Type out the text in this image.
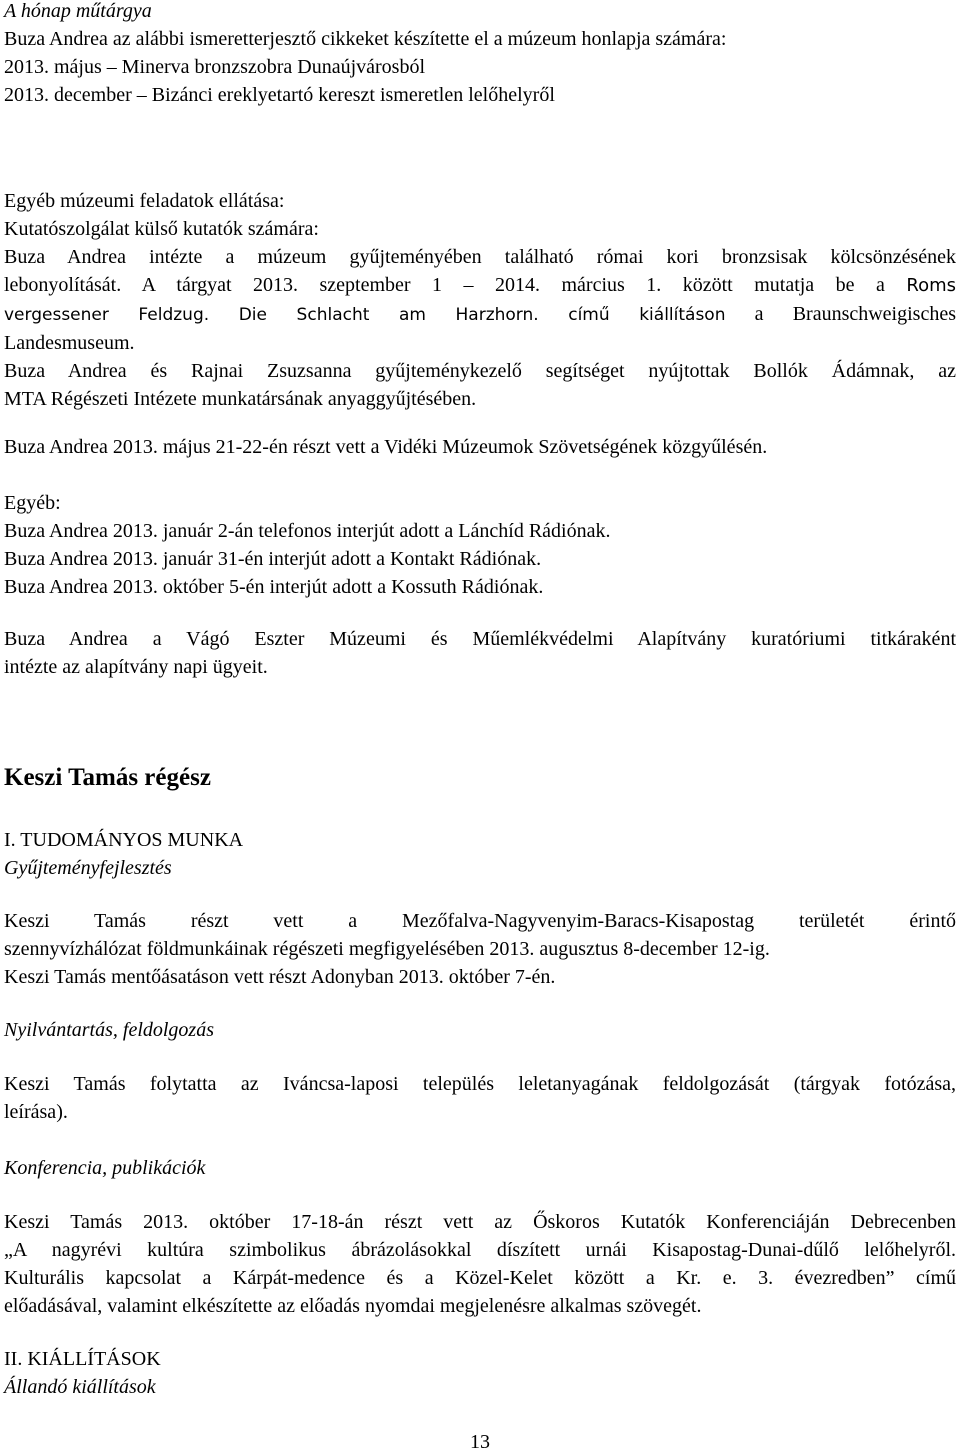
A hónap műtárgya
Buza Andrea az alábbi ismeretterjesztő cikkeket készítette el a múzeum honlapja számára:
2013. május – Minerva bronzszobra Dunaújvárosból
2013. december – Bizánci ereklyetartó kereszt ismeretlen lelőhelyről
Egyéb múzeumi feladatok ellátása:
Kutatószolgálat külső kutatók számára:
Buza Andrea intézte a múzeum gyűjteményében található római kori bronzsisak kölcsönzésének
lebonyolítását. A tárgyat 2013. szeptember 1 – 2014. március 1. között mutatja be a Roms
vergessener Feldzug. Die Schlacht am Harzhorn. című kiállításon a Braunschweigisches
Landesmuseum.
Buza Andrea és Rajnai Zsuzsanna gyűjteménykezelő segítséget nyújtottak Bollók Ádámnak, az
MTA Régészeti Intézete munkatársának anyaggyűjtésében.
Buza Andrea 2013. május 21-22-én részt vett a Vidéki Múzeumok Szövetségének közgyűlésén.
Egyéb:
Buza Andrea 2013. január 2-án telefonos interjút adott a Lánchíd Rádiónak.
Buza Andrea 2013. január 31-én interjút adott a Kontakt Rádiónak.
Buza Andrea 2013. október 5-én interjút adott a Kossuth Rádiónak.
Buza Andrea a Vágó Eszter Múzeumi és Műemlékvédelmi Alapítvány kuratóriumi titkáraként
intézte az alapítvány napi ügyeit.
Keszi Tamás régész
I. TUDOMÁNYOS MUNKA
Gyűjteményfejlesztés
Keszi Tamás részt vett a Mezőfalva-Nagyvenyim-Baracs-Kisapostag területét érintő
szennyvízhálózat földmunkáinak régészeti megfigyelésében 2013. augusztus 8-december 12-ig.
Keszi Tamás mentőásatáson vett részt Adonyban 2013. október 7-én.
Nyilvántartás, feldolgozás
Keszi Tamás folytatta az Iváncsa-laposi település leletanyagának feldolgozását (tárgyak fotózása,
leírása).
Konferencia, publikációk
Keszi Tamás 2013. október 17-18-án részt vett az Őskoros Kutatók Konferenciáján Debrecenben
„A nagyrévi kultúra szimbolikus ábrázolásokkal díszített urnái Kisapostag-Dunai-dűlő lelőhelyről.
Kulturális kapcsolat a Kárpát-medence és a Közel-Kelet között a Kr. e. 3. évezredben” című
előadásával, valamint elkészítette az előadás nyomdai megjelenésre alkalmas szövegét.
II. KIÁLLÍTÁSOK
Állandó kiállítások
13
